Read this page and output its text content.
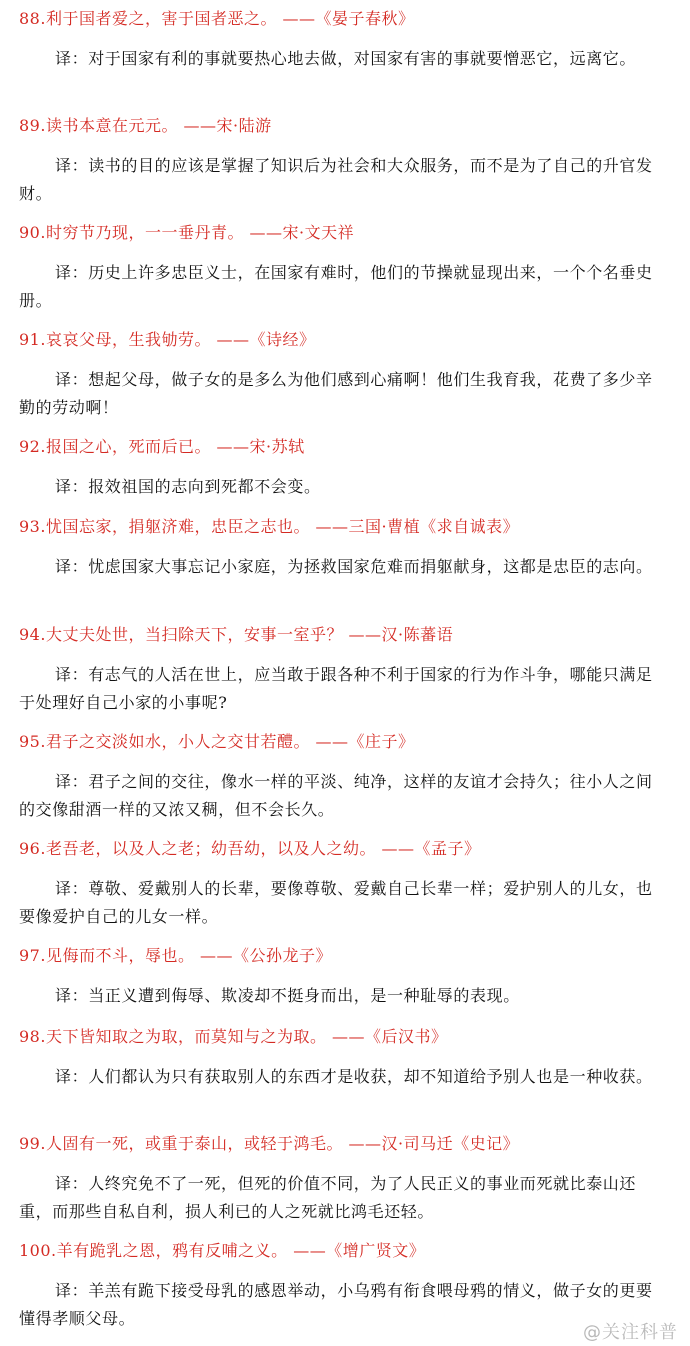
88.利于国者爱之，害于国者恶之。 ——《晏子春秋》

译：对于国家有利的事就要热心地去做，对国家有害的事就要憎恶它，远离它。

89.读书本意在元元。 ——宋·陆游

译：读书的目的应该是掌握了知识后为社会和大众服务，而不是为了自己的升官发财。

90.时穷节乃现，一一垂丹青。 ——宋·文天祥

译：历史上许多忠臣义士，在国家有难时，他们的节操就显现出来，一个个名垂史册。

91.哀哀父母，生我劬劳。 ——《诗经》

译：想起父母，做子女的是多么为他们感到心痛啊！他们生我育我，花费了多少辛勤的劳动啊！

92.报国之心，死而后已。 ——宋·苏轼

译：报效祖国的志向到死都不会变。

93.忧国忘家，捐躯济难，忠臣之志也。 ——三国·曹植《求自诚表》

译：忧虑国家大事忘记小家庭，为拯救国家危难而捐躯献身，这都是忠臣的志向。

94.大丈夫处世，当扫除天下，安事一室乎？ ——汉·陈蕃语

译：有志气的人活在世上，应当敢于跟各种不利于国家的行为作斗争，哪能只满足于处理好自己小家的小事呢?

95.君子之交淡如水，小人之交甘若醴。 ——《庄子》

译：君子之间的交往，像水一样的平淡、纯净，这样的友谊才会持久；往小人之间的交像甜酒一样的又浓又稠，但不会长久。

96.老吾老，以及人之老；幼吾幼，以及人之幼。 ——《孟子》

译：尊敬、爱戴别人的长辈，要像尊敬、爱戴自己长辈一样；爱护别人的儿女，也要像爱护自己的儿女一样。

97.见侮而不斗，辱也。 ——《公孙龙子》

译：当正义遭到侮辱、欺凌却不挺身而出，是一种耻辱的表现。

98.天下皆知取之为取，而莫知与之为取。 ——《后汉书》

译：人们都认为只有获取别人的东西才是收获，却不知道给予别人也是一种收获。

99.人固有一死，或重于泰山，或轻于鸿毛。 ——汉·司马迁《史记》

译：人终究免不了一死，但死的价值不同，为了人民正义的事业而死就比泰山还重，而那些自私自利，损人利已的人之死就比鸿毛还轻。

100.羊有跪乳之恩，鸦有反哺之义。 ——《增广贤文》

译：羊羔有跪下接受母乳的感恩举动，小乌鸦有衔食喂母鸦的情义，做子女的更要懂得孝顺父母。

@关注科普
